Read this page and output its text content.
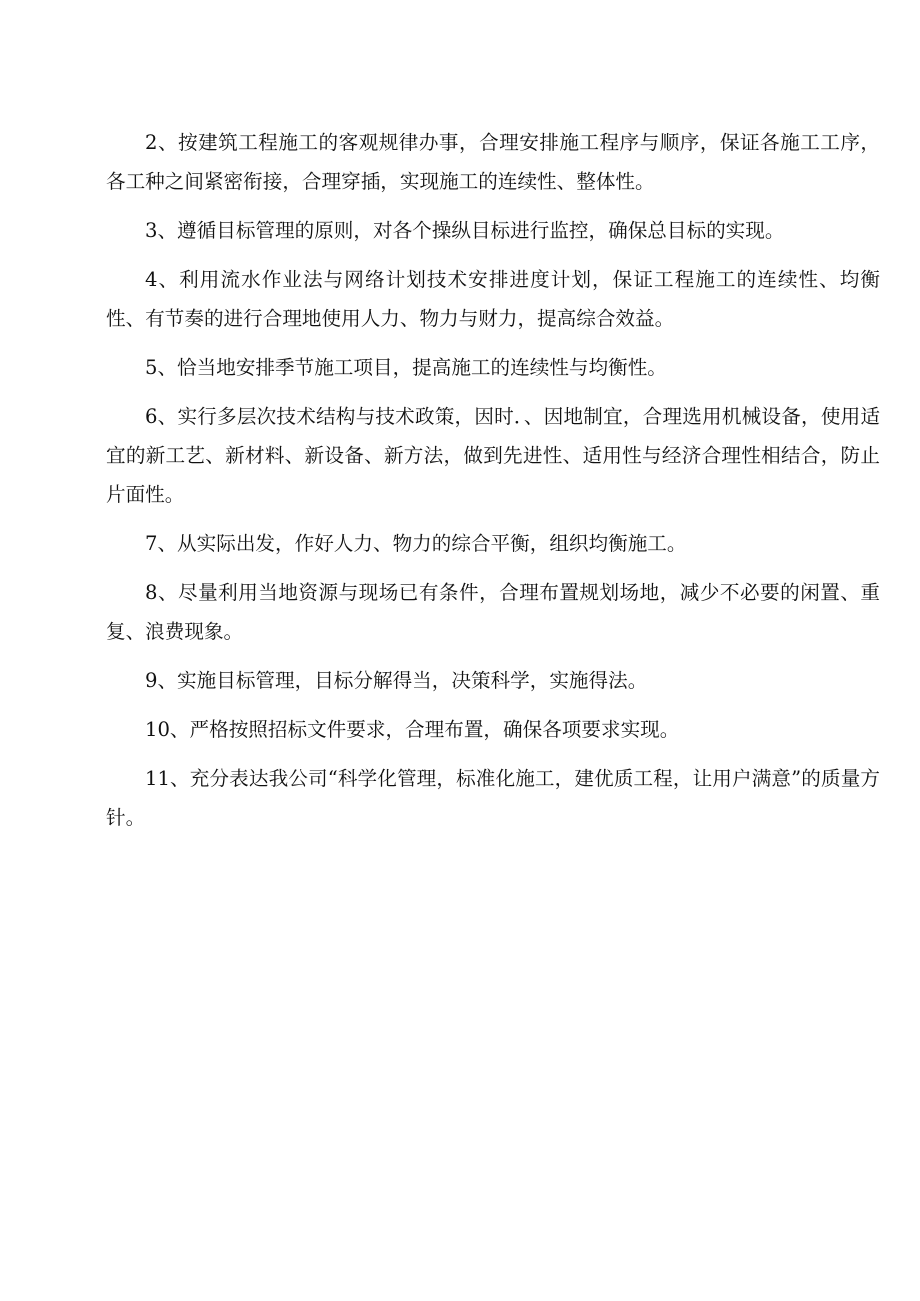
2、按建筑工程施工的客观规律办事，合理安排施工程序与顺序，保证各施工工序，各工种之间紧密衔接，合理穿插，实现施工的连续性、整体性。

3、遵循目标管理的原则，对各个操纵目标进行监控，确保总目标的实现。

4、利用流水作业法与网络计划技术安排进度计划，保证工程施工的连续性、均衡性、有节奏的进行合理地使用人力、物力与财力，提高综合效益。

5、恰当地安排季节施工项目，提高施工的连续性与均衡性。

6、实行多层次技术结构与技术政策，因时．、因地制宜，合理选用机械设备，使用适宜的新工艺、新材料、新设备、新方法，做到先进性、适用性与经济合理性相结合，防止片面性。

7、从实际出发，作好人力、物力的综合平衡，组织均衡施工。

8、尽量利用当地资源与现场已有条件，合理布置规划场地，减少不必要的闲置、重复、浪费现象。

9、实施目标管理，目标分解得当，决策科学，实施得法。

10、严格按照招标文件要求，合理布置，确保各项要求实现。

11、充分表达我公司“科学化管理，标准化施工，建优质工程，让用户满意”的质量方针。
